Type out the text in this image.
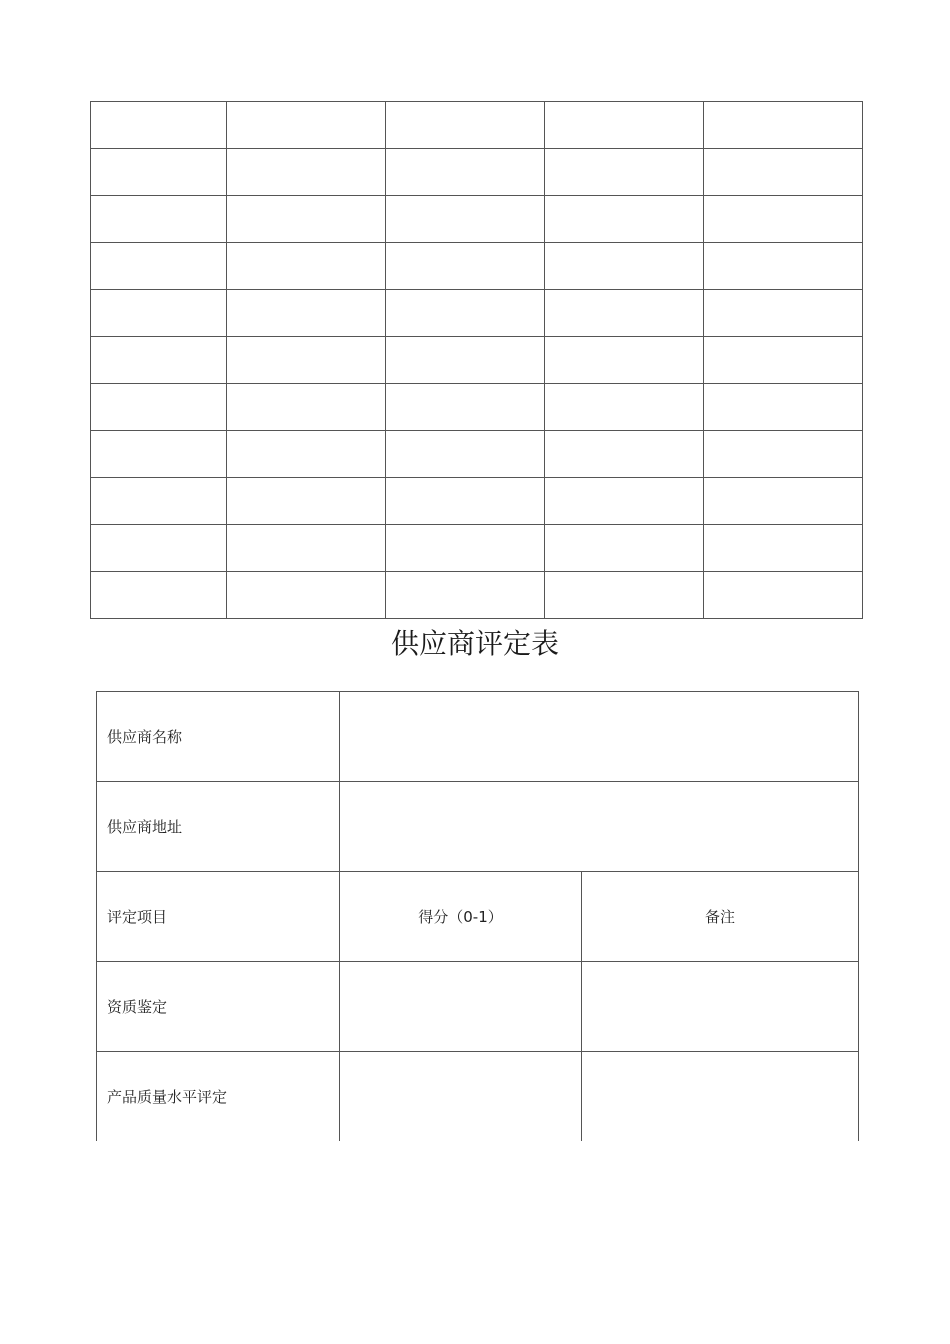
供应商评定表
供应商名称		
供应商地址		
评定项目	得分（0-1）	备注
资质鉴定		
产品质量水平评定		
